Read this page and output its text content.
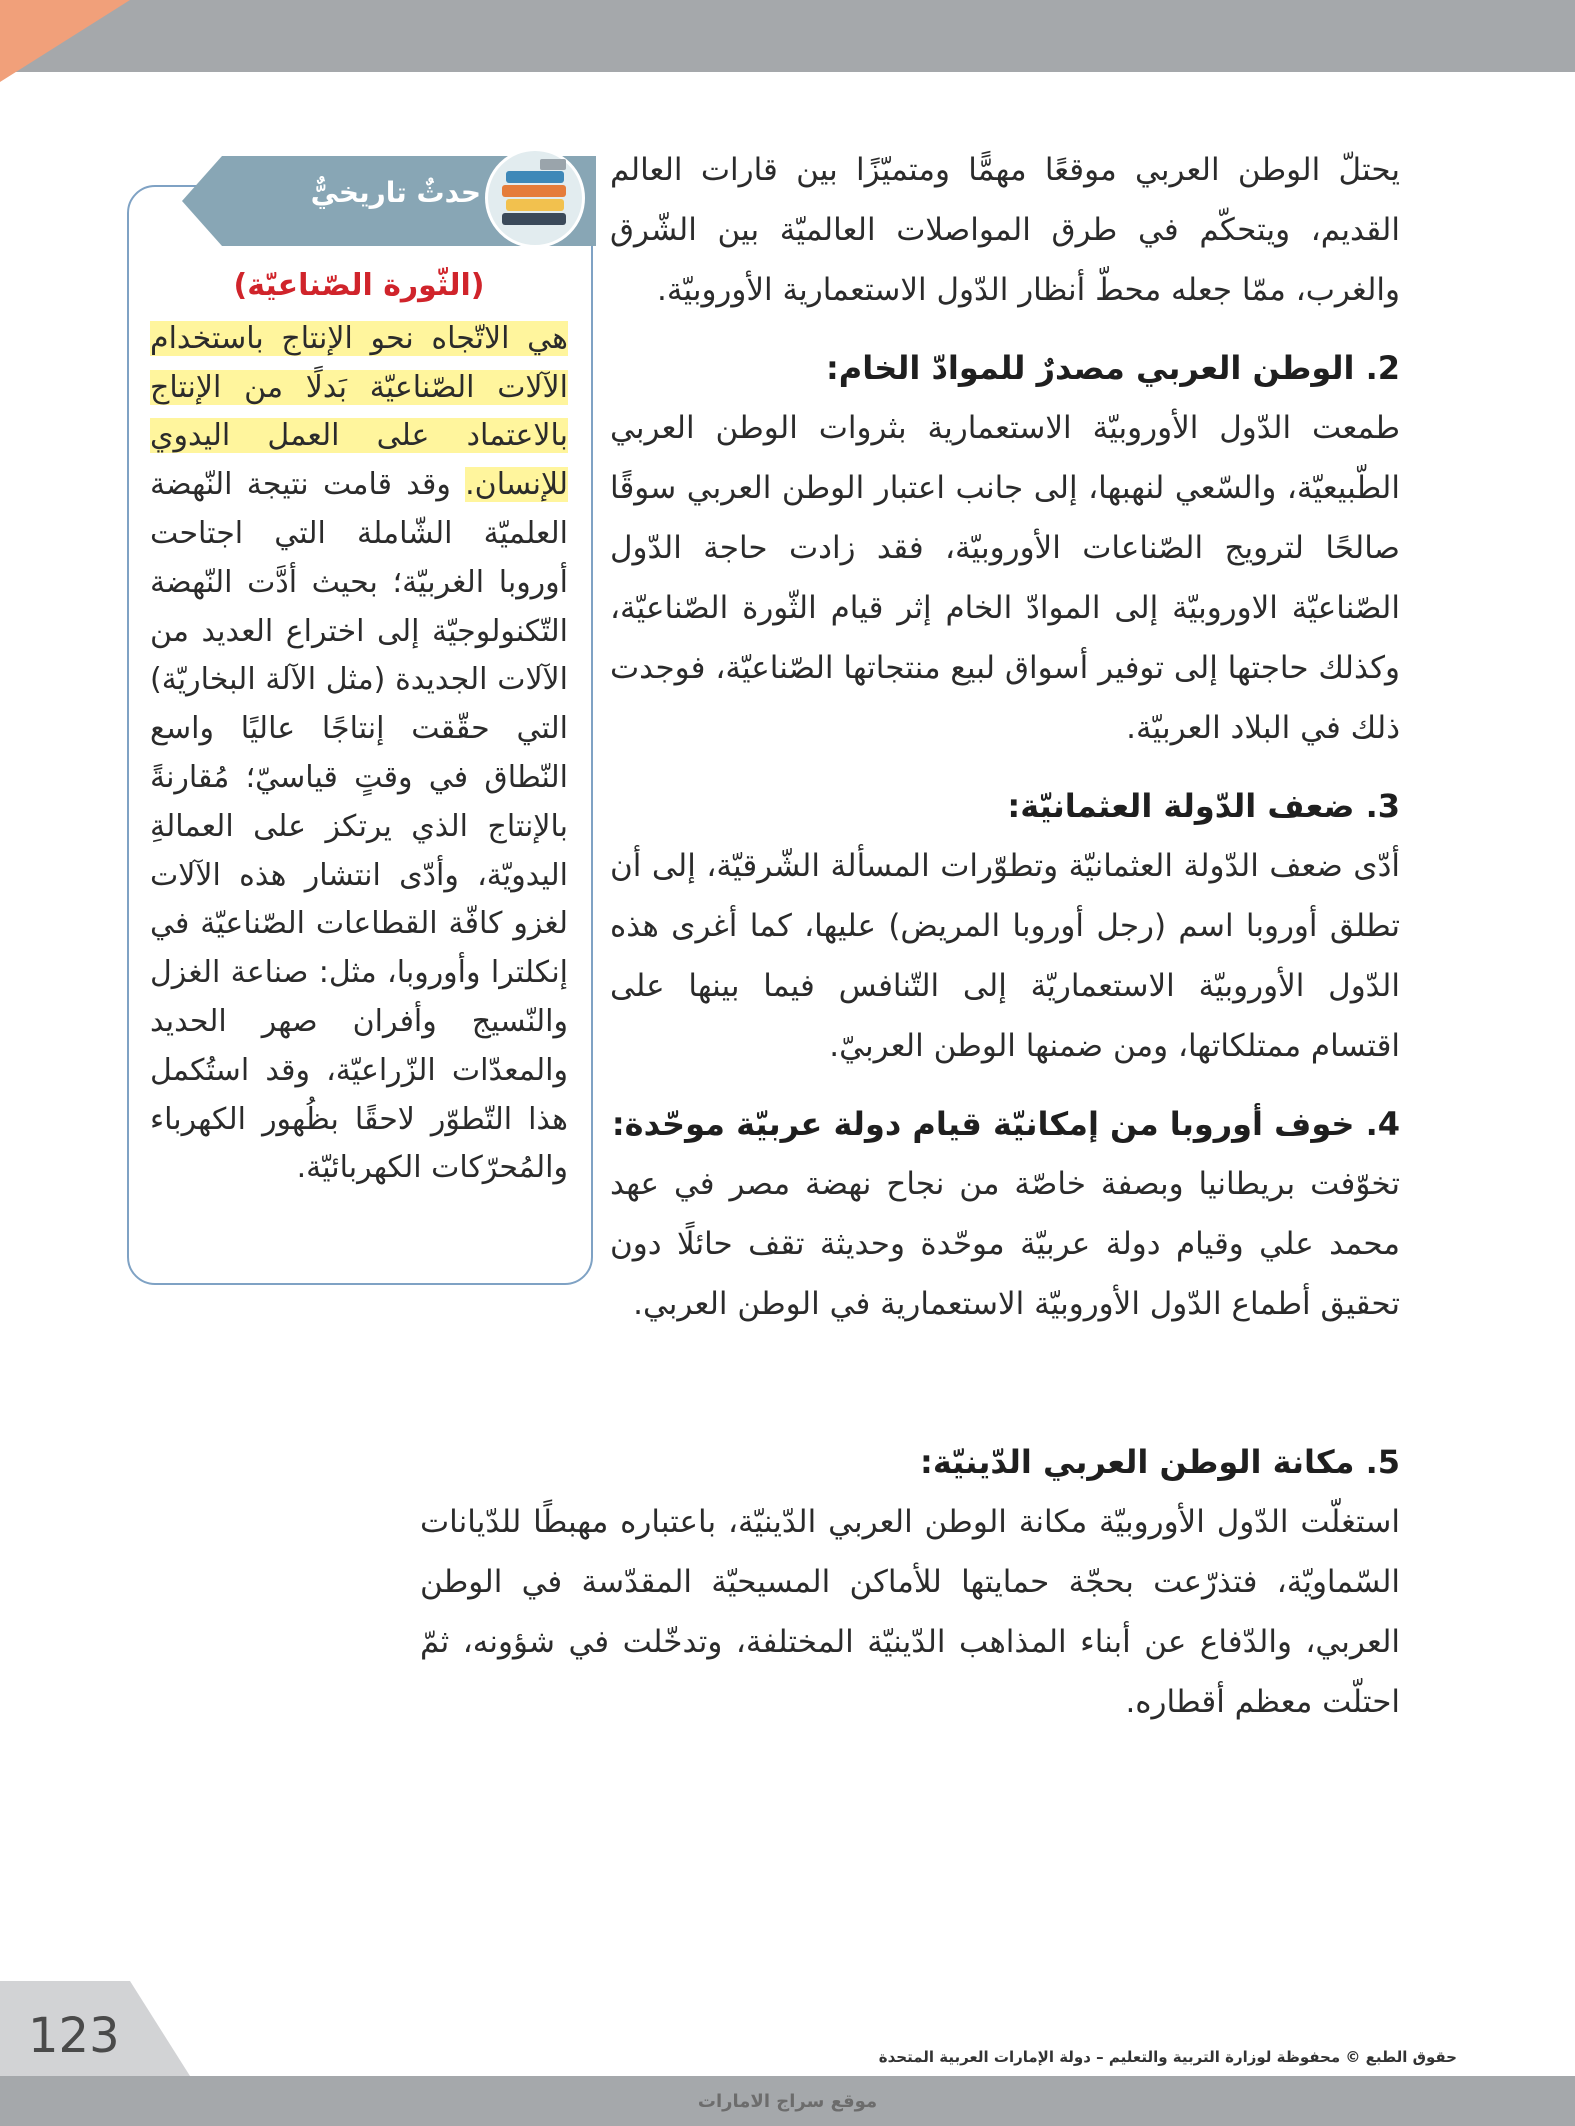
يحتلّ الوطن العربي موقعًا مهمًّا ومتميّزًا بين قارات العالم القديم، ويتحكّم في طرق المواصلات العالميّة بين الشّرق والغرب، ممّا جعله محطّ أنظار الدّول الاستعمارية الأوروبيّة.

2. الوطن العربي مصدرٌ للموادّ الخام:

طمعت الدّول الأوروبيّة الاستعمارية بثروات الوطن العربي الطّبيعيّة، والسّعي لنهبها، إلى جانب اعتبار الوطن العربي سوقًا صالحًا لترويج الصّناعات الأوروبيّة، فقد زادت حاجة الدّول الصّناعيّة الاوروبيّة إلى الموادّ الخام إثر قيام الثّورة الصّناعيّة، وكذلك حاجتها إلى توفير أسواق لبيع منتجاتها الصّناعيّة، فوجدت ذلك في البلاد العربيّة.

3. ضعف الدّولة العثمانيّة:

أدّى ضعف الدّولة العثمانيّة وتطوّرات المسألة الشّرقيّة، إلى أن تطلق أوروبا اسم (رجل أوروبا المريض) عليها، كما أغرى هذه الدّول الأوروبيّة الاستعماريّة إلى التّنافس فيما بينها على اقتسام ممتلكاتها، ومن ضمنها الوطن العربيّ.

4. خوف أوروبا من إمكانيّة قيام دولة عربيّة موحّدة:

تخوّفت بريطانيا وبصفة خاصّة من نجاح نهضة مصر في عهد محمد علي وقيام دولة عربيّة موحّدة وحديثة تقف حائلًا دون تحقيق أطماع الدّول الأوروبيّة الاستعمارية في الوطن العربي.

5. مكانة الوطن العربي الدّينيّة:

استغلّت الدّول الأوروبيّة مكانة الوطن العربي الدّينيّة، باعتباره مهبطًا للدّيانات السّماويّة، فتذرّعت بحجّة حمايتها للأماكن المسيحيّة المقدّسة في الوطن العربي، والدّفاع عن أبناء المذاهب الدّينيّة المختلفة، وتدخّلت في شؤونه، ثمّ احتلّت معظم أقطاره.

حدثٌ تاريخيٌّ
(الثّورة الصّناعيّة)

هي الاتّجاه نحو الإنتاج باستخدام الآلات الصّناعيّة بَدلًا من الإنتاج بالاعتماد على العمل اليدوي للإنسان. وقد قامت نتيجة النّهضة العلميّة الشّاملة التي اجتاحت أوروبا الغربيّة؛ بحيث أدَّت النّهضة التّكنولوجيّة إلى اختراع العديد من الآلات الجديدة (مثل الآلة البخاريّة) التي حقّقت إنتاجًا عاليًا واسع النّطاق في وقتٍ قياسيّ؛ مُقارنةً بالإنتاج الذي يرتكز على العمالةِ اليدويّة، وأدّى انتشار هذه الآلات لغزو كافّة القطاعات الصّناعيّة في إنكلترا وأوروبا، مثل: صناعة الغزل والنّسيج وأفران صهر الحديد والمعدّات الزّراعيّة، وقد استُكمل هذا التّطوّر لاحقًا بظُهور الكهرباء والمُحرّكات الكهربائيّة.

123	حقوق الطبع © محفوظة لوزارة التربية والتعليم – دولة الإمارات العربية المتحدة
موقع سراج الامارات
